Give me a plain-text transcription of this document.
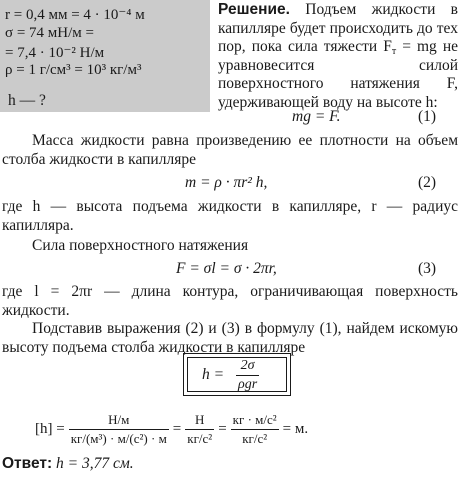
r = 0,4 мм = 4 · 10⁻⁴ м
σ = 74 мН/м =
= 7,4 · 10⁻² Н/м
ρ = 1 г/см³ = 10³ кг/м³
h — ?
Решение. Подъем жидкости в капилляре будет происходить до тех пор, пока сила тяжести $F_т$ = mg не уравновесится силой поверхностного натяжения F, удерживающей воду на высоте h:
mg = F.	(1)
Масса жидкости равна произведению ее плотности на объем столба жидкости в капилляре
m = ρ · πr² h,	(2)
где h — высота подъема жидкости в капилляре, r — радиус капилляра.
Сила поверхностного натяжения
F = σl = σ · 2πr,	(3)
где l = 2πr — длина контура, ограничивающая поверхность жидкости.
Подставив выражения (2) и (3) в формулу (1), найдем искомую высоту подъема столба жидкости в капилляре
$h = \frac{2\sigma}{\text{ρgr}}$
$[h] = \frac{Н/м}{\text{кг/(м³) · м/(с²) · м}} = \frac{Н}{\text{кг/с²}} = \frac{\text{кг · м/с²}}{\text{кг/с²}} = м$.
Ответ: h = 3,77 см.
